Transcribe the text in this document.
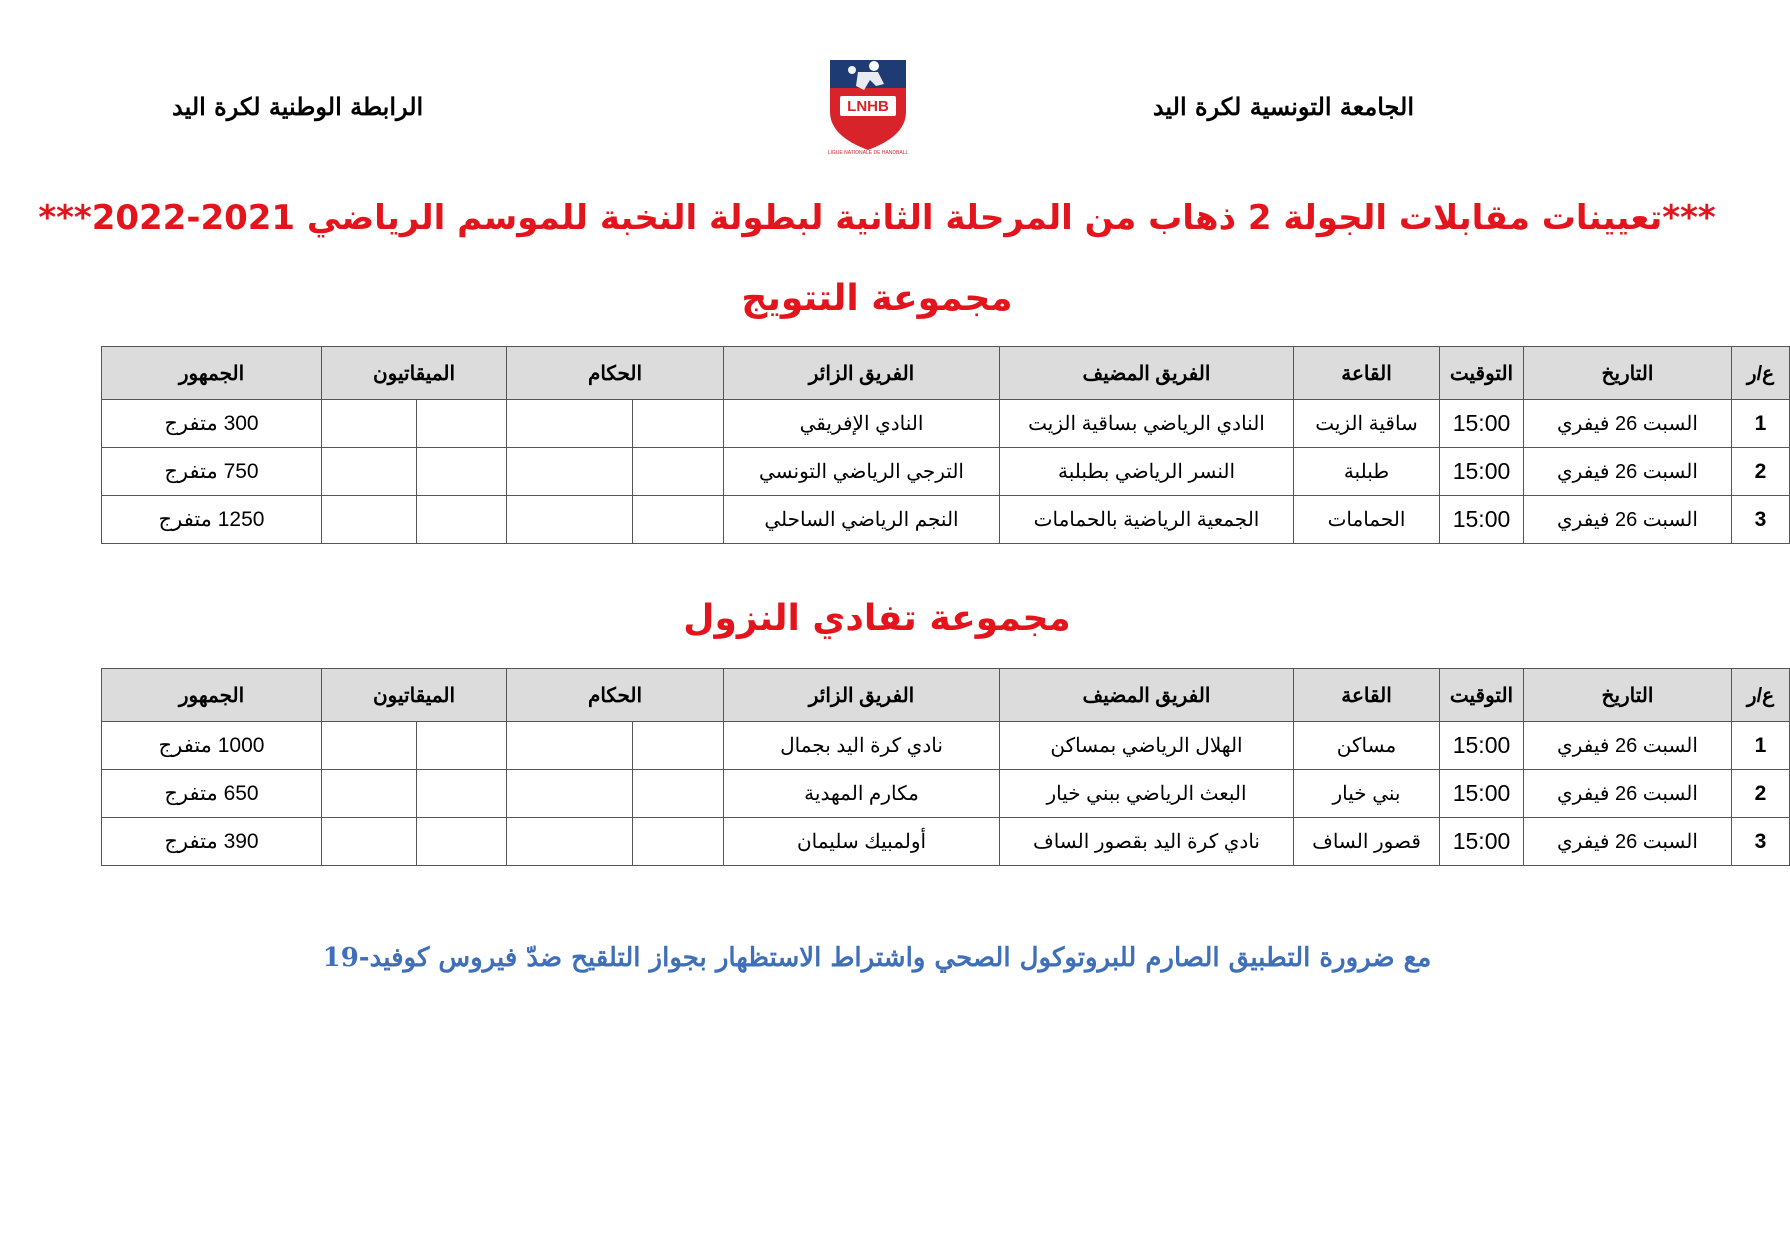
الجامعة التونسية لكرة اليد
الرابطة الوطنية لكرة اليد	LNHB
LIGUE NATIONALE DE HANDBALL
***تعيينات مقابلات الجولة 2 ذهاب من المرحلة الثانية لبطولة النخبة للموسم الرياضي 2021-2022***
مجموعة التتويج
ع/ر	التاريخ	التوقيت	القاعة	الفريق المضيف	الفريق الزائر	الحكام		الميقاتيون		الجمهور
1	السبت 26 فيفري	15:00	ساقية الزيت	النادي الرياضي بساقية الزيت	النادي الإفريقي					300 متفرج
2	السبت 26 فيفري	15:00	طبلبة	النسر الرياضي بطبلبة	الترجي الرياضي التونسي					750 متفرج
3	السبت 26 فيفري	15:00	الحمامات	الجمعية الرياضية بالحمامات	النجم الرياضي الساحلي					1250 متفرج
مجموعة تفادي النزول
ع/ر	التاريخ	التوقيت	القاعة	الفريق المضيف	الفريق الزائر	الحكام		الميقاتيون		الجمهور
1	السبت 26 فيفري	15:00	مساكن	الهلال الرياضي بمساكن	نادي كرة اليد بجمال					1000 متفرج
2	السبت 26 فيفري	15:00	بني خيار	البعث الرياضي ببني خيار	مكارم المهدية					650 متفرج
3	السبت 26 فيفري	15:00	قصور الساف	نادي كرة اليد بقصور الساف	أولمبيك سليمان					390 متفرج
مع ضرورة التطبيق الصارم للبروتوكول الصحي واشتراط الاستظهار بجواز التلقيح ضدّ فيروس كوفيد-19
